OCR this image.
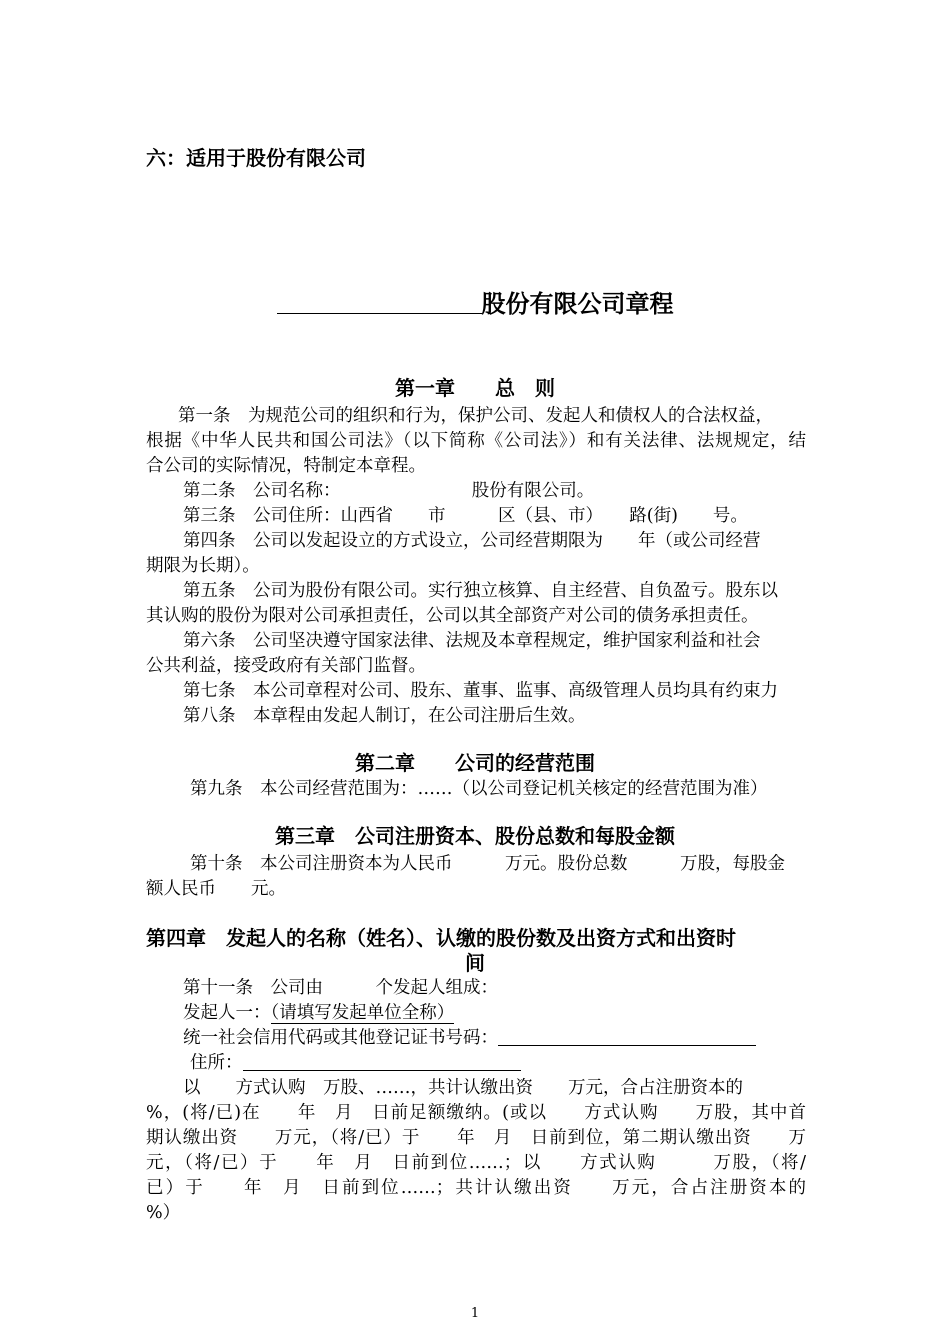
六：适用于股份有限公司
股份有限公司章程
第一章　　总　则
第一条　为规范公司的组织和行为，保护公司、发起人和债权人的合法权益，
根据《中华人民共和国公司法》（以下简称《公司法》）和有关法律、法规规定，结
合公司的实际情况，特制定本章程。
第二条　公司名称：　　　　　　　　股份有限公司。
第三条　公司住所：山西省　　市　　　区（县、市）　　路(街)　　号。
第四条　公司以发起设立的方式设立，公司经营期限为　　年（或公司经营
期限为长期）。
第五条　公司为股份有限公司。实行独立核算、自主经营、自负盈亏。股东以
其认购的股份为限对公司承担责任，公司以其全部资产对公司的债务承担责任。
第六条　公司坚决遵守国家法律、法规及本章程规定，维护国家利益和社会
公共利益，接受政府有关部门监督。
第七条　本公司章程对公司、股东、董事、监事、高级管理人员均具有约束力
第八条　本章程由发起人制订，在公司注册后生效。
第二章　　公司的经营范围
第九条　本公司经营范围为：……（以公司登记机关核定的经营范围为准）
第三章　公司注册资本、股份总数和每股金额
第十条　本公司注册资本为人民币　　　万元。股份总数　　　万股，每股金
额人民币　　元。
第四章　发起人的名称（姓名）、认缴的股份数及出资方式和出资时
间
第十一条　公司由　　　个发起人组成：
发起人一：（请填写发起单位全称）
统一社会信用代码或其他登记证书号码：
住所：
以　　方式认购　万股、……，共计认缴出资　　万元，合占注册资本的
%，(将/已)在　　年　月　日前足额缴纳。(或以　　方式认购　　万股，其中首
期认缴出资　　万元，（将/已）于　　年　月　日前到位，第二期认缴出资　　万
元，（将/已）于　　年　月　日前到位……；以　　方式认购　　　万股，（将/
已）于　　年　月　日前到位……；共计认缴出资　　万元，合占注册资本的
%）
1
